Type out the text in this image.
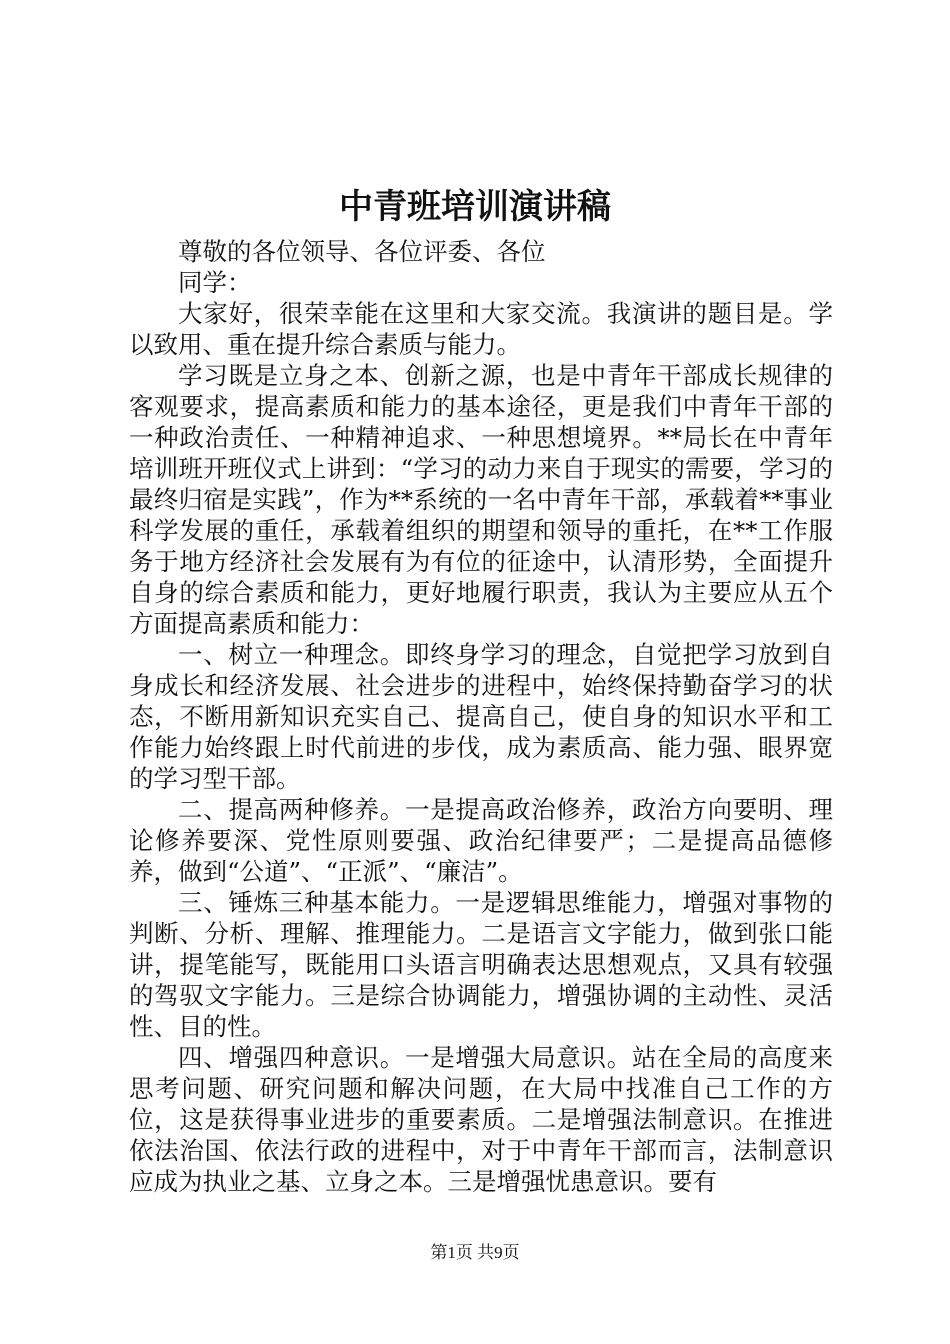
中青班培训演讲稿

尊敬的各位领导、各位评委、各位

同学：

大家好，很荣幸能在这里和大家交流。我演讲的题目是。学以致用、重在提升综合素质与能力。

学习既是立身之本、创新之源，也是中青年干部成长规律的客观要求，提高素质和能力的基本途径，更是我们中青年干部的一种政治责任、一种精神追求、一种思想境界。**局长在中青年培训班开班仪式上讲到：“学习的动力来自于现实的需要，学习的最终归宿是实践”，作为**系统的一名中青年干部，承载着**事业科学发展的重任，承载着组织的期望和领导的重托，在**工作服务于地方经济社会发展有为有位的征途中，认清形势，全面提升自身的综合素质和能力，更好地履行职责，我认为主要应从五个方面提高素质和能力：

一、树立一种理念。即终身学习的理念，自觉把学习放到自身成长和经济发展、社会进步的进程中，始终保持勤奋学习的状态，不断用新知识充实自己、提高自己，使自身的知识水平和工作能力始终跟上时代前进的步伐，成为素质高、能力强、眼界宽的学习型干部。

二、提高两种修养。一是提高政治修养，政治方向要明、理论修养要深、党性原则要强、政治纪律要严；二是提高品德修养，做到“公道”、“正派”、“廉洁”。

三、锤炼三种基本能力。一是逻辑思维能力，增强对事物的判断、分析、理解、推理能力。二是语言文字能力，做到张口能讲，提笔能写，既能用口头语言明确表达思想观点，又具有较强的驾驭文字能力。三是综合协调能力，增强协调的主动性、灵活性、目的性。

四、增强四种意识。一是增强大局意识。站在全局的高度来思考问题、研究问题和解决问题，在大局中找准自己工作的方位，这是获得事业进步的重要素质。二是增强法制意识。在推进依法治国、依法行政的进程中，对于中青年干部而言，法制意识应成为执业之基、立身之本。三是增强忧患意识。要有

第1页 共9页
